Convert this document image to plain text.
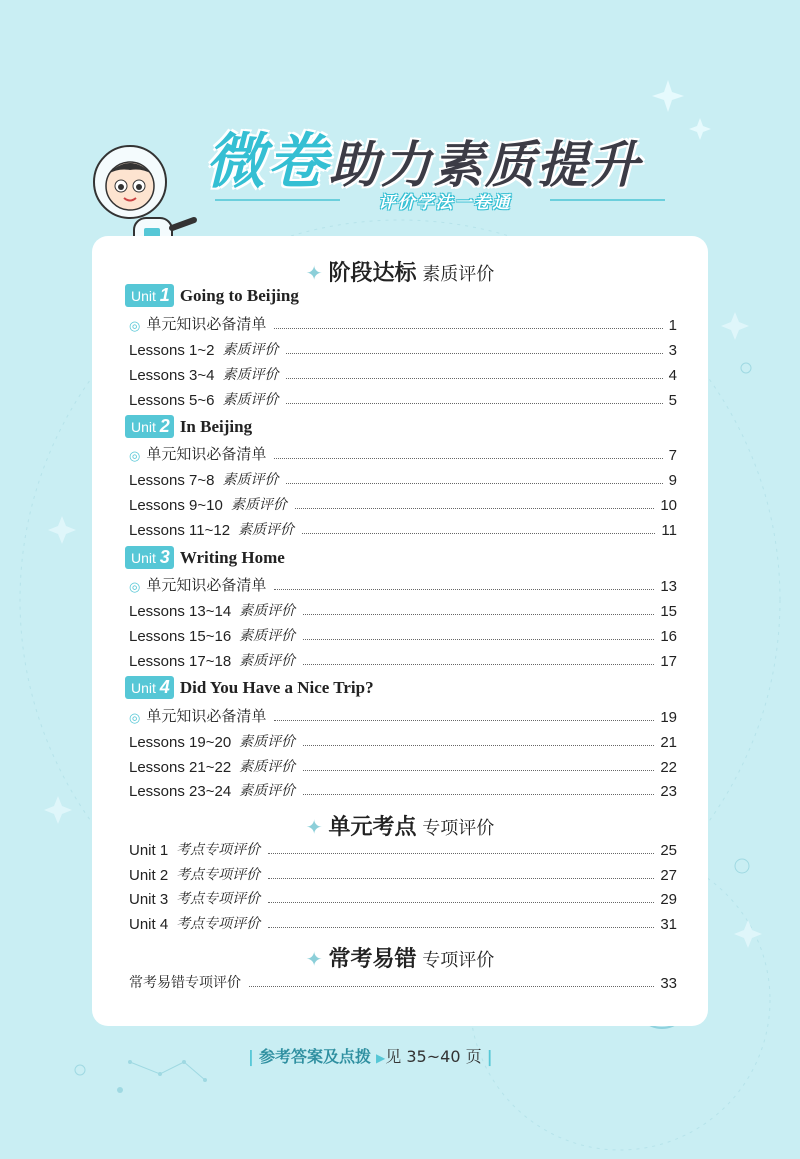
微卷助力素质提升
评价学法一卷通
✦ 阶段达标 素质评价
Unit 1 Going to Beijing
◎ 单元知识必备清单	1
Lessons 1~2 素质评价	3
Lessons 3~4 素质评价	4
Lessons 5~6 素质评价	5
Unit 2 In Beijing
◎ 单元知识必备清单	7
Lessons 7~8 素质评价	9
Lessons 9~10 素质评价	10
Lessons 11~12 素质评价	11
Unit 3 Writing Home
◎ 单元知识必备清单	13
Lessons 13~14 素质评价	15
Lessons 15~16 素质评价	16
Lessons 17~18 素质评价	17
Unit 4 Did You Have a Nice Trip?
◎ 单元知识必备清单	19
Lessons 19~20 素质评价	21
Lessons 21~22 素质评价	22
Lessons 23~24 素质评价	23
✦ 单元考点 专项评价
Unit 1 考点专项评价	25
Unit 2 考点专项评价	27
Unit 3 考点专项评价	29
Unit 4 考点专项评价	31
✦ 常考易错 专项评价
常考易错专项评价	33
| 参考答案及点拨 ▶见 35~40 页 |
